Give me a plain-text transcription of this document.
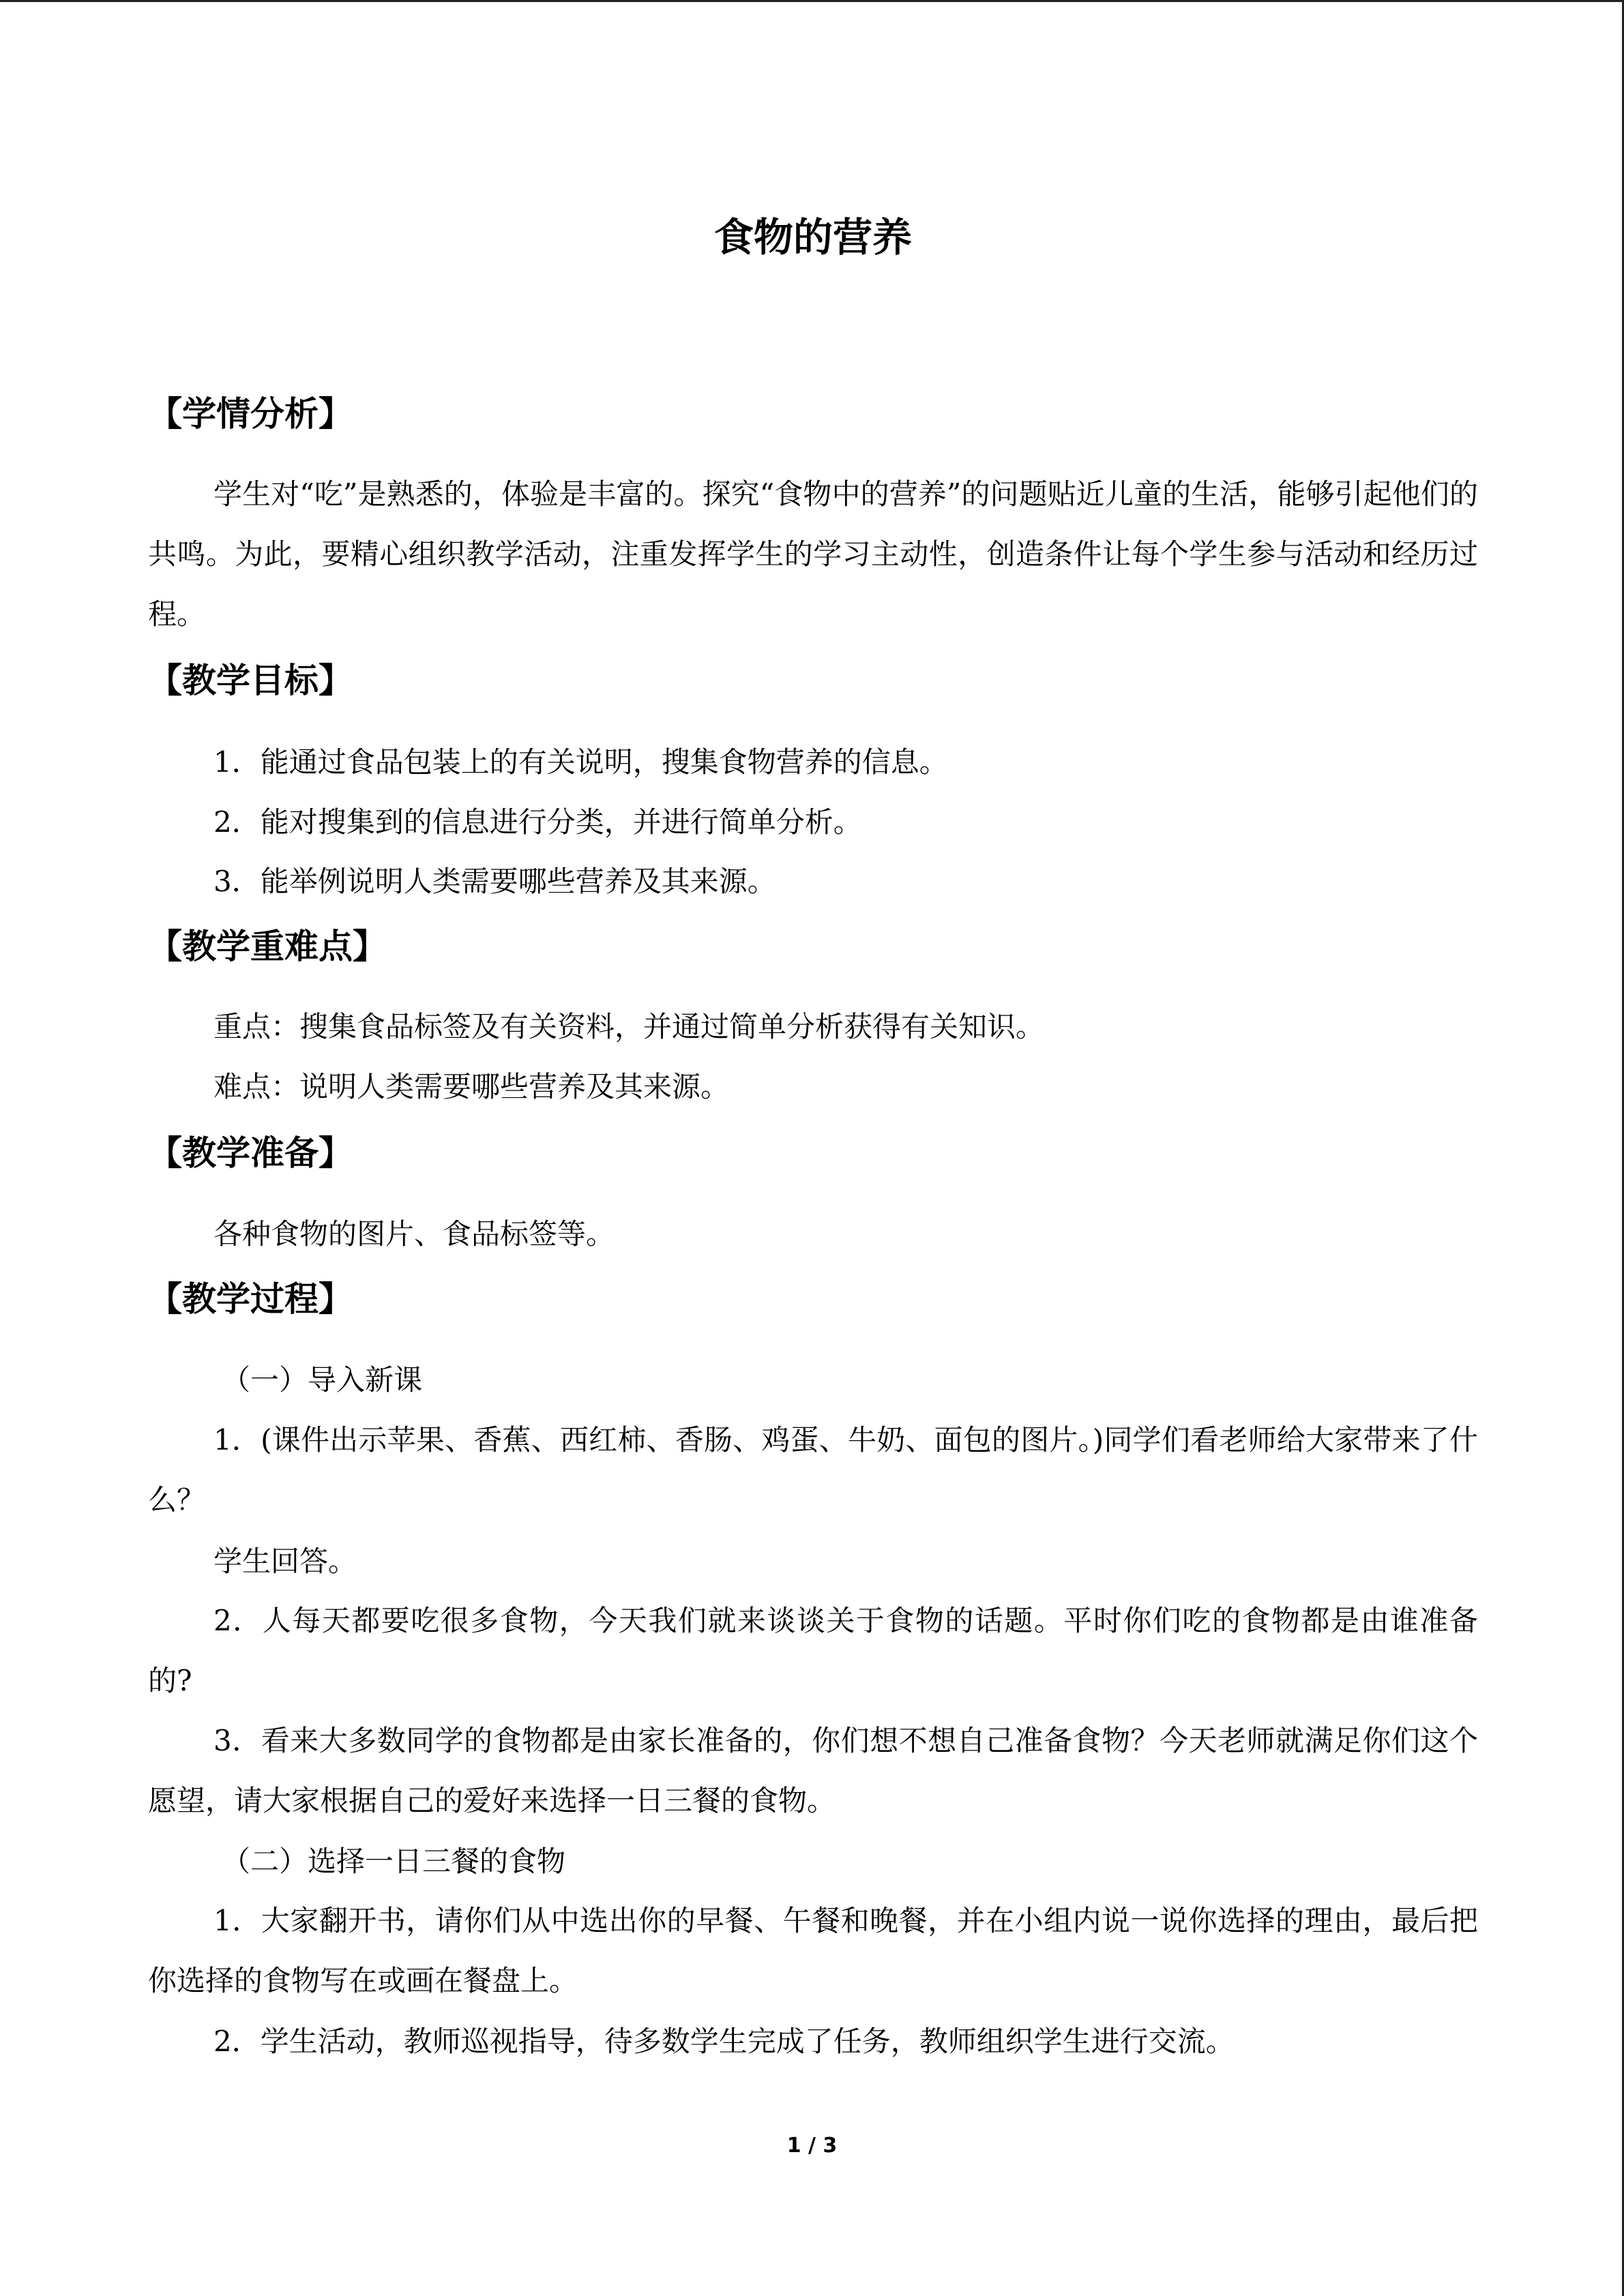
食物的营养
【学情分析】

学生对“吃”是熟悉的，体验是丰富的。探究“食物中的营养”的问题贴近儿童的生活，能够引起他们的共鸣。为此，要精心组织教学活动，注重发挥学生的学习主动性，创造条件让每个学生参与活动和经历过程。

【教学目标】

1．能通过食品包装上的有关说明，搜集食物营养的信息。

2．能对搜集到的信息进行分类，并进行简单分析。

3．能举例说明人类需要哪些营养及其来源。

【教学重难点】

重点：搜集食品标签及有关资料，并通过简单分析获得有关知识。

难点：说明人类需要哪些营养及其来源。

【教学准备】

各种食物的图片、食品标签等。

【教学过程】

（一）导入新课

1．(课件出示苹果、香蕉、西红柿、香肠、鸡蛋、牛奶、面包的图片。)同学们看老师给大家带来了什么？

学生回答。

2．人每天都要吃很多食物，今天我们就来谈谈关于食物的话题。平时你们吃的食物都是由谁准备的?

3．看来大多数同学的食物都是由家长准备的，你们想不想自己准备食物？今天老师就满足你们这个愿望，请大家根据自己的爱好来选择一日三餐的食物。

（二）选择一日三餐的食物

1．大家翻开书，请你们从中选出你的早餐、午餐和晚餐，并在小组内说一说你选择的理由，最后把你选择的食物写在或画在餐盘上。

2．学生活动，教师巡视指导，待多数学生完成了任务，教师组织学生进行交流。

1 / 3
